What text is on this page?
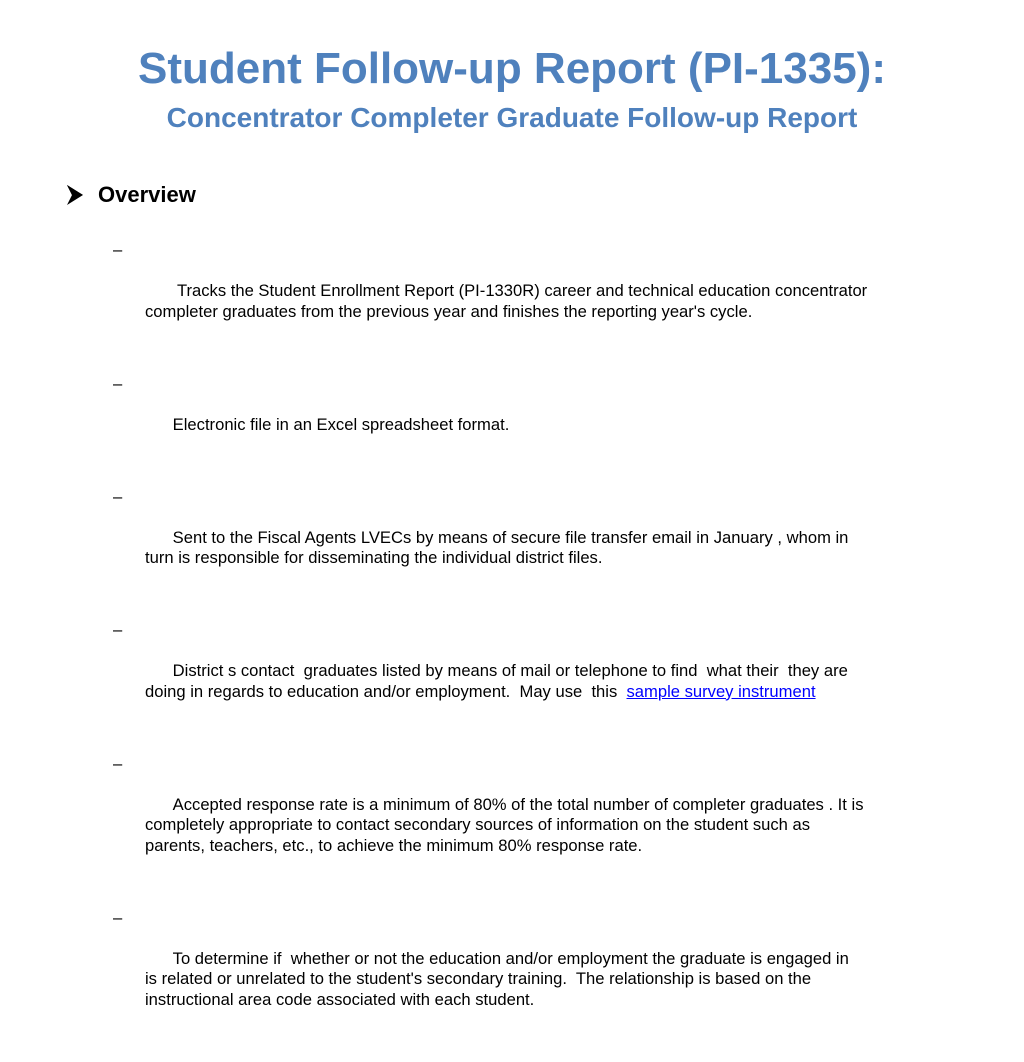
Student Follow-up Report (PI-1335):
Concentrator Completer Graduate Follow-up Report
Overview

–

Tracks the Student Enrollment Report (PI-1330R) career and technical education concentrator
completer graduates from the previous year and finishes the reporting year's cycle.

–

Electronic file in an Excel spreadsheet format.

–

Sent to the Fiscal Agents LVECs by means of secure file transfer email in January , whom in
turn is responsible for disseminating the individual district files.

–

District s contact  graduates listed by means of mail or telephone to find  what their  they are
doing in regards to education and/or employment.  May use  this  sample survey instrument

–

Accepted response rate is a minimum of 80% of the total number of completer graduates . It is
completely appropriate to contact secondary sources of information on the student such as
parents, teachers, etc., to achieve the minimum 80% response rate.

–

To determine if  whether or not the education and/or employment the graduate is engaged in
is related or unrelated to the student's secondary training.  The relationship is based on the
instructional area code associated with each student.
